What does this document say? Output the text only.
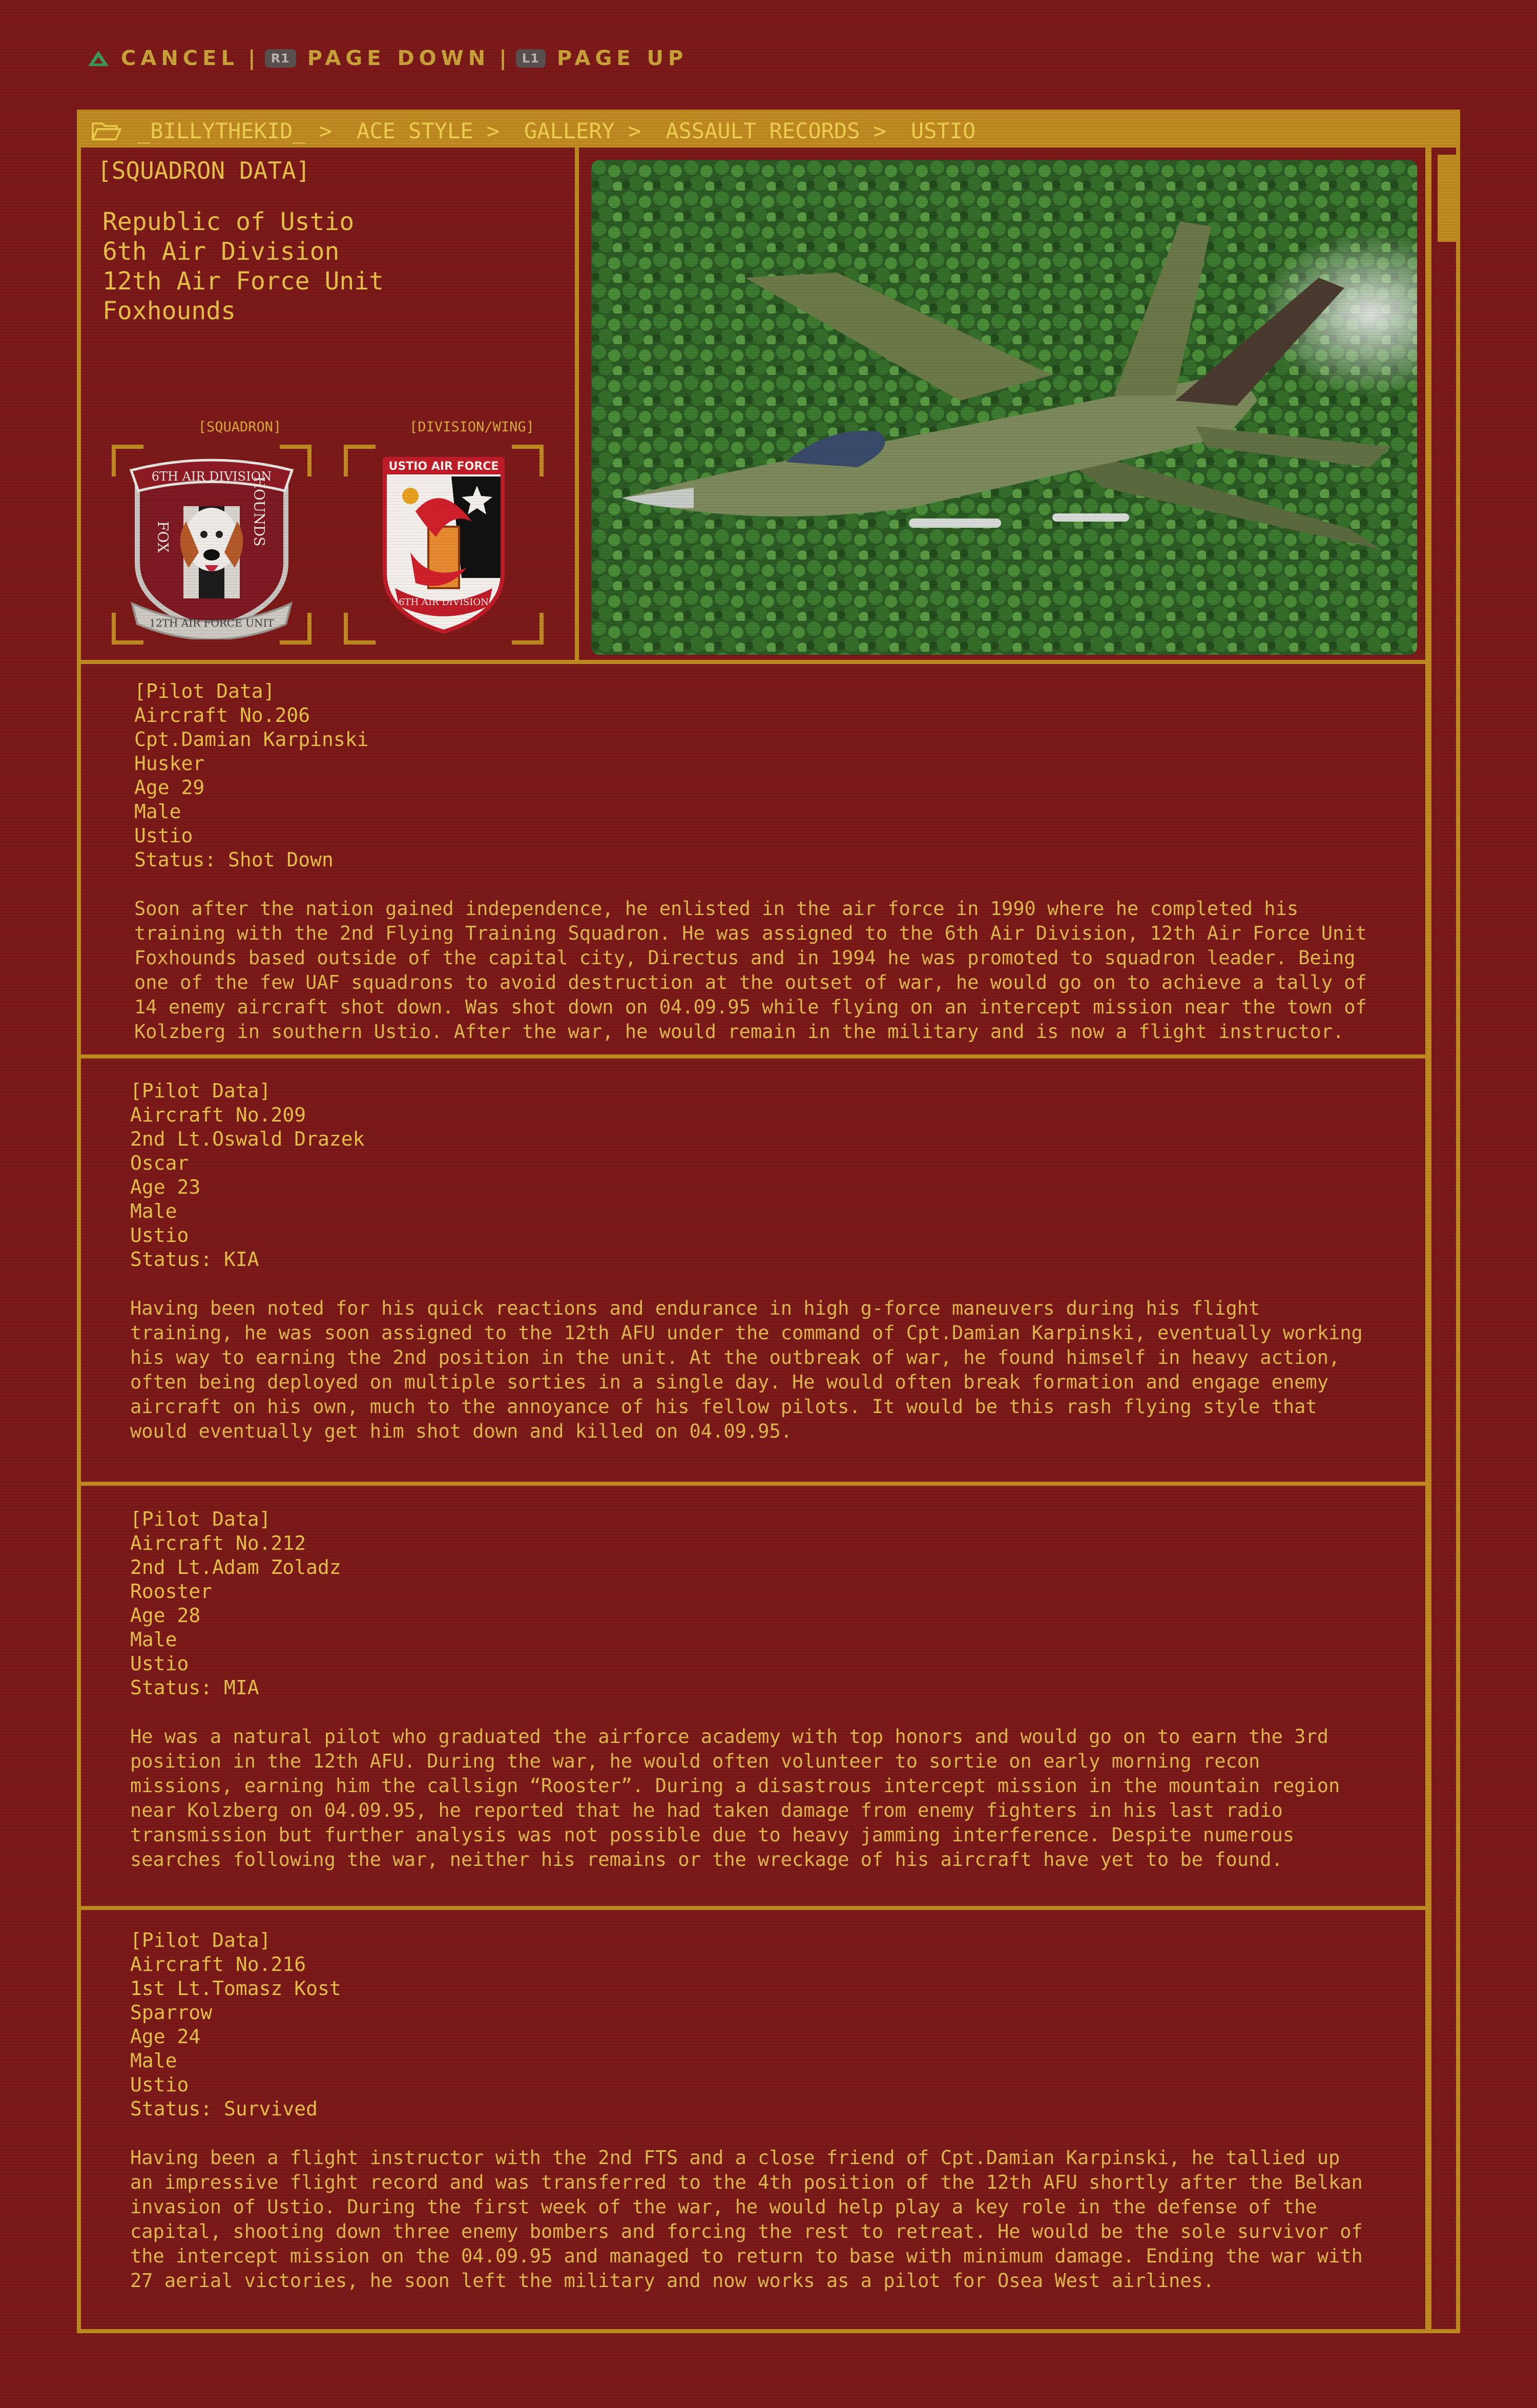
CANCEL |	R1 PAGE DOWN |	L1 PAGE UP
_BILLYTHEKID_ > ACE STYLE > GALLERY > ASSAULT RECORDS > USTIO
[SQUADRON DATA]
Republic of Ustio
6th Air Division
12th Air Force Unit
Foxhounds
[SQUADRON]	[DIVISION/WING]
6TH AIR DIVISION
FOX	HOUNDS
12TH AIR FORCE UNIT
USTIO AIR FORCE
6TH AIR DIVISION
[Pilot Data]
Aircraft No.206
Cpt.Damian Karpinski
Husker
Age 29
Male
Ustio
Status: Shot Down
Soon after the nation gained independence, he enlisted in the air force in 1990 where he completed his training with the 2nd Flying Training Squadron. He was assigned to the 6th Air Division, 12th Air Force Unit Foxhounds based outside of the capital city, Directus and in 1994 he was promoted to squadron leader. Being one of the few UAF squadrons to avoid destruction at the outset of war, he would go on to achieve a tally of 14 enemy aircraft shot down. Was shot down on 04.09.95 while flying on an intercept mission near the town of Kolzberg in southern Ustio. After the war, he would remain in the military and is now a flight instructor.
[Pilot Data]
Aircraft No.209
2nd Lt.Oswald Drazek
Oscar
Age 23
Male
Ustio
Status: KIA
Having been noted for his quick reactions and endurance in high g-force maneuvers during his flight training, he was soon assigned to the 12th AFU under the command of Cpt.Damian Karpinski, eventually working his way to earning the 2nd position in the unit. At the outbreak of war, he found himself in heavy action, often being deployed on multiple sorties in a single day. He would often break formation and engage enemy aircraft on his own, much to the annoyance of his fellow pilots. It would be this rash flying style that would eventually get him shot down and killed on 04.09.95.
[Pilot Data]
Aircraft No.212
2nd Lt.Adam Zoladz
Rooster
Age 28
Male
Ustio
Status: MIA
He was a natural pilot who graduated the airforce academy with top honors and would go on to earn the 3rd position in the 12th AFU. During the war, he would often volunteer to sortie on early morning recon missions, earning him the callsign “Rooster”. During a disastrous intercept mission in the mountain region near Kolzberg on 04.09.95, he reported that he had taken damage from enemy fighters in his last radio transmission but further analysis was not possible due to heavy jamming interference. Despite numerous searches following the war, neither his remains or the wreckage of his aircraft have yet to be found.
[Pilot Data]
Aircraft No.216
1st Lt.Tomasz Kost
Sparrow
Age 24
Male
Ustio
Status: Survived
Having been a flight instructor with the 2nd FTS and a close friend of Cpt.Damian Karpinski, he tallied up an impressive flight record and was transferred to the 4th position of the 12th AFU shortly after the Belkan invasion of Ustio. During the first week of the war, he would help play a key role in the defense of the capital, shooting down three enemy bombers and forcing the rest to retreat. He would be the sole survivor of the intercept mission on the 04.09.95 and managed to return to base with minimum damage. Ending the war with 27 aerial victories, he soon left the military and now works as a pilot for Osea West airlines.
